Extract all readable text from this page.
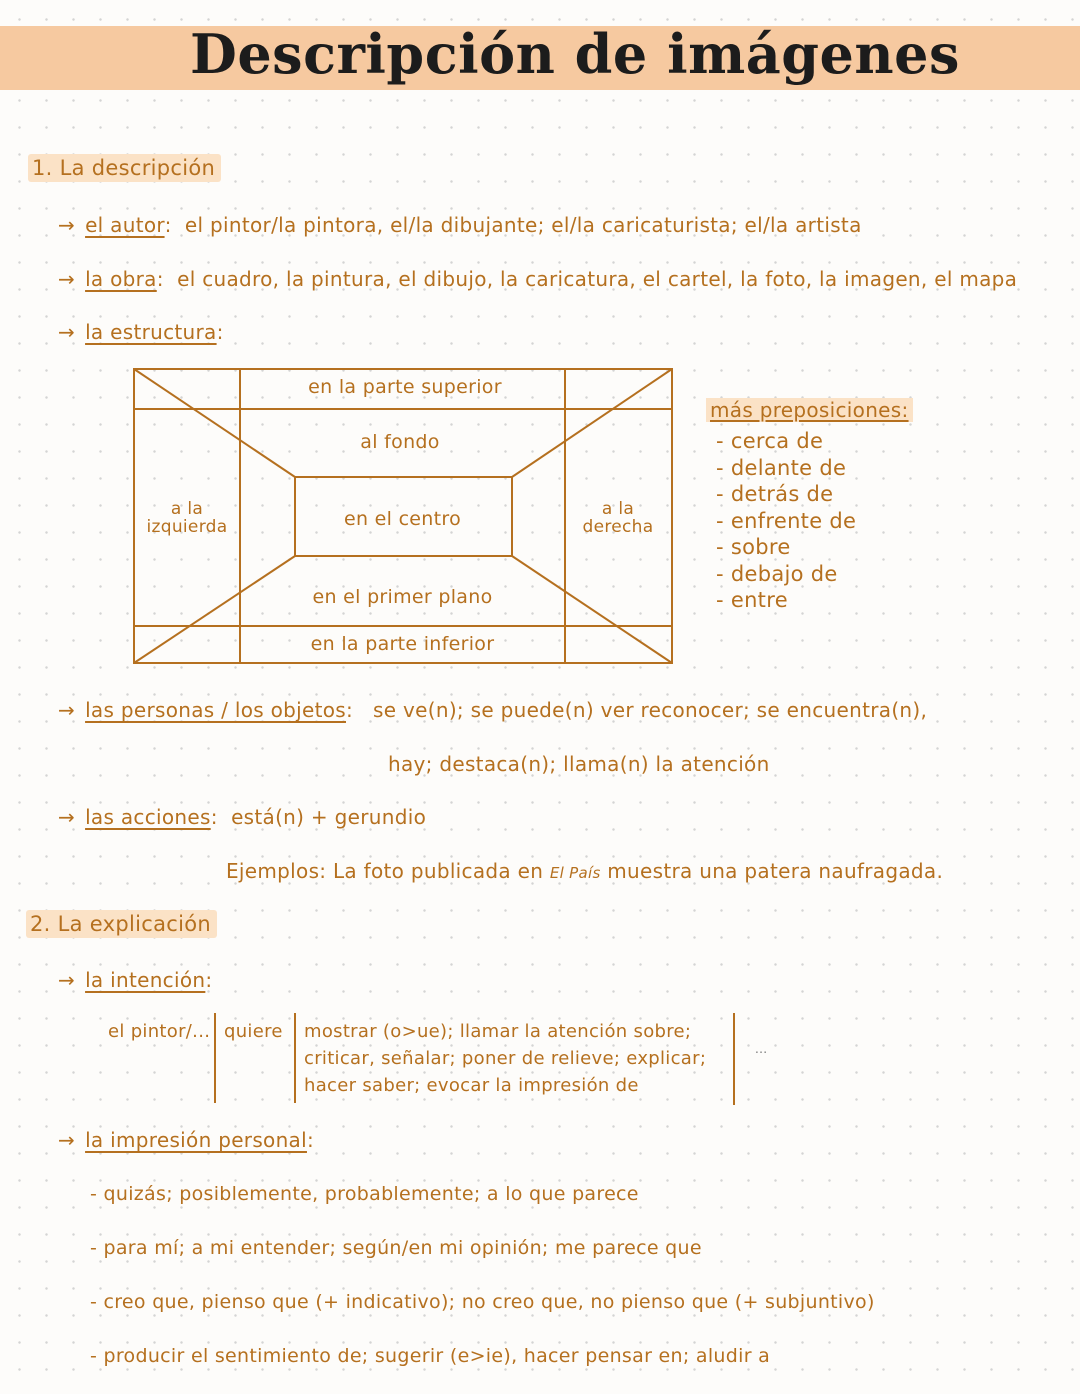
Descripción de imágenes
1. La descripción
→ el autor:  el pintor/la pintora, el/la dibujante; el/la caricaturista; el/la artista
→ la obra:  el cuadro, la pintura, el dibujo, la caricatura, el cartel, la foto, la imagen, el mapa
→ la estructura:
en la parte superior
al fondo
en el centro
a la
izquierda
a la
derecha
en el primer plano
en la parte inferior
más preposiciones:
- cerca de
- delante de
- detrás de
- enfrente de
- sobre
- debajo de
- entre
→ las personas / los objetos:   se ve(n); se puede(n) ver reconocer; se encuentra(n),
hay; destaca(n); llama(n) la atención
→ las acciones:  está(n) + gerundio
Ejemplos: La foto publicada en El País muestra una patera naufragada.
2. La explicación
→ la intención:
el pintor/... quiere mostrar (o>ue); llamar la atención sobre;
criticar, señalar; poner de relieve; explicar;
hacer saber; evocar la impresión de
...
→ la impresión personal:
- quizás; posiblemente, probablemente; a lo que parece
- para mí; a mi entender; según/en mi opinión; me parece que
- creo que, pienso que (+ indicativo); no creo que, no pienso que (+ subjuntivo)
- producir el sentimiento de; sugerir (e>ie), hacer pensar en; aludir a
